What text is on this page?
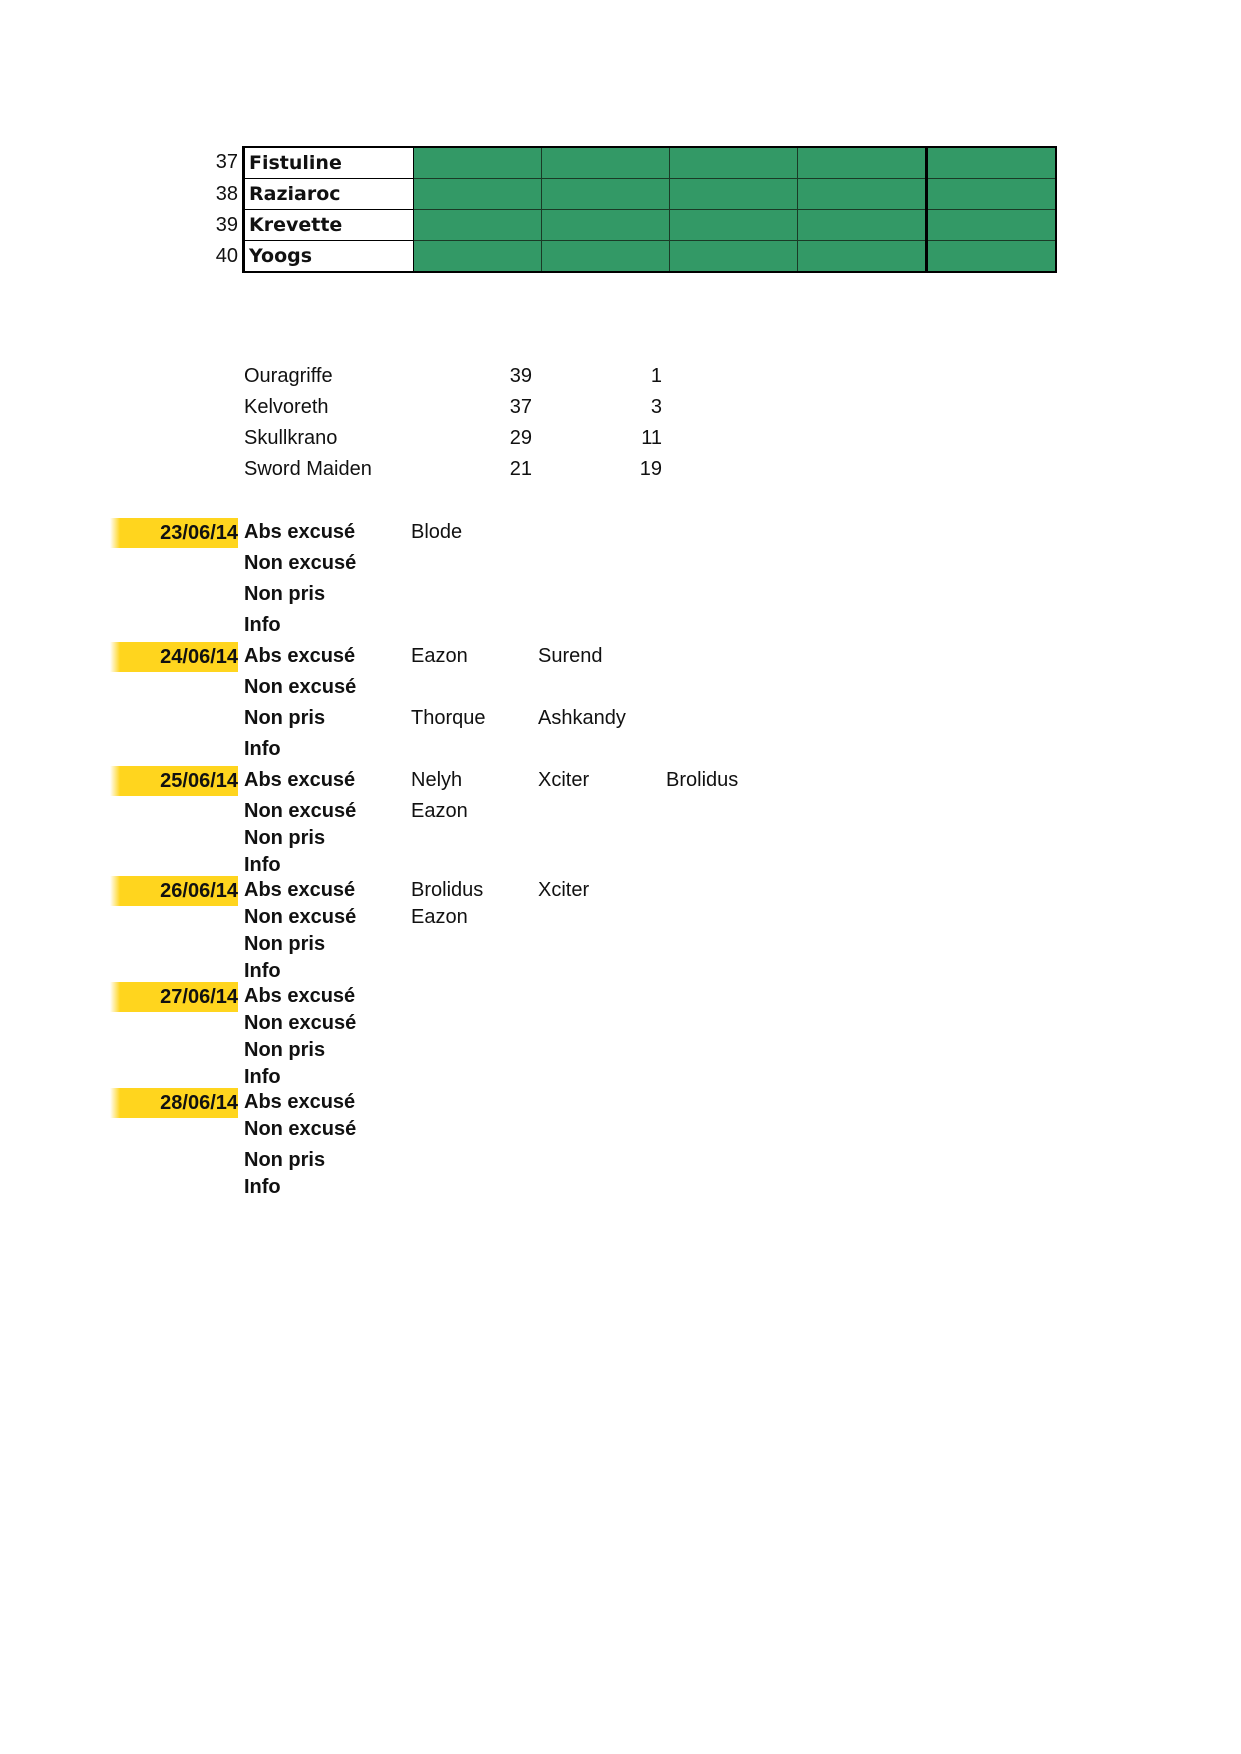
37	Fistuline					
38	Raziaroc					
39	Krevette					
40	Yoogs					
Ouragriffe	39	1
Kelvoreth	37	3
Skullkrano	29	11
Sword Maiden	21	19
23/06/14 Abs excusé	Blode
Non excusé
Non pris
Info
24/06/14 Abs excusé	Eazon	Surend
Non excusé
Non pris	Thorque	Ashkandy
Info
25/06/14 Abs excusé	Nelyh	Xciter	Brolidus
Non excusé	Eazon
Non pris
Info
26/06/14 Abs excusé	Brolidus	Xciter
Non excusé	Eazon
Non pris
Info
27/06/14 Abs excusé
Non excusé
Non pris
Info
28/06/14 Abs excusé
Non excusé
Non pris
Info
